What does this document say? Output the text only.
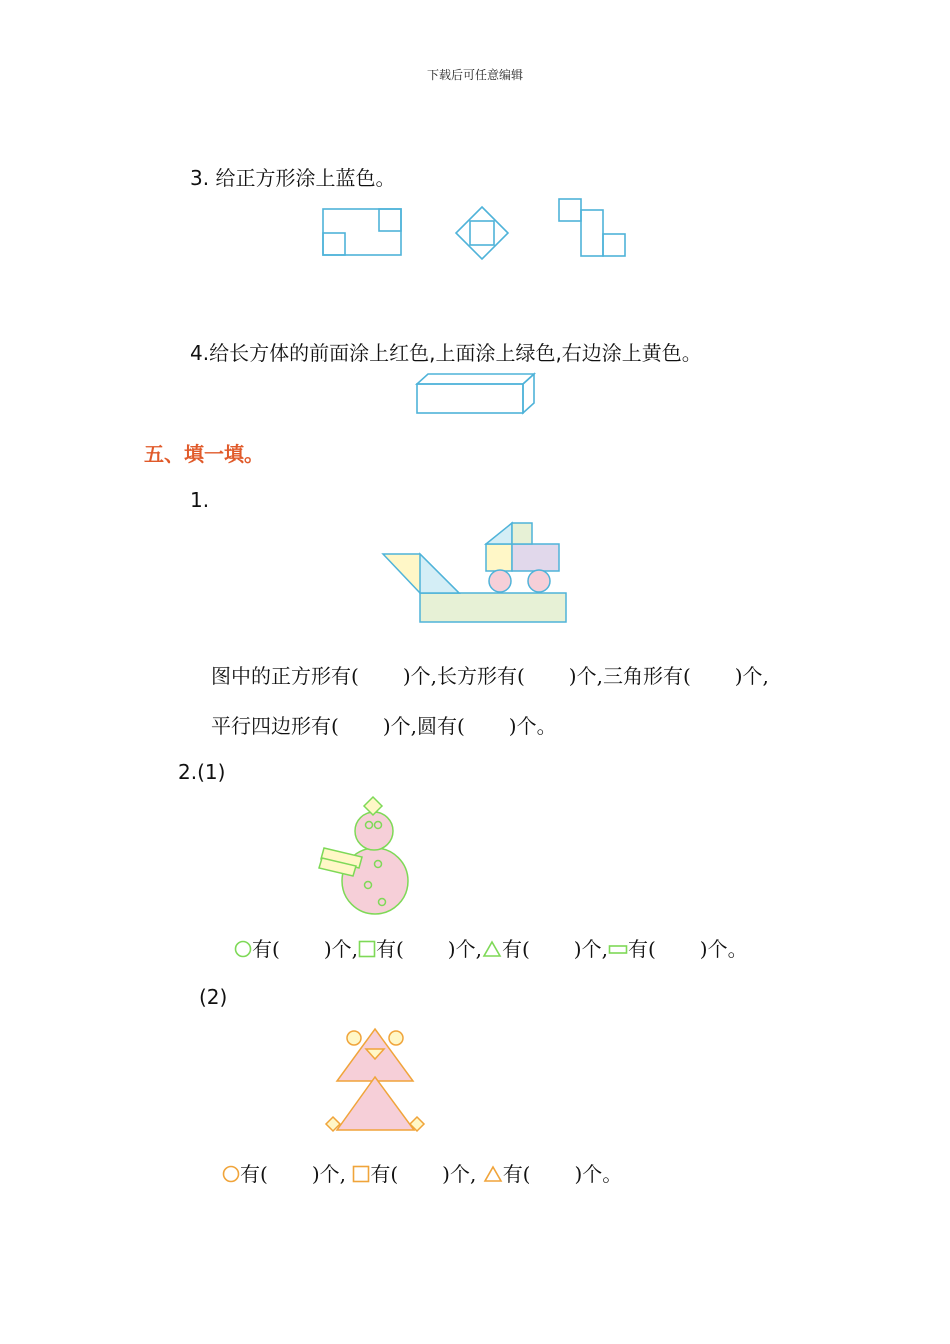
下载后可任意编辑
3. 给正方形涂上蓝色。
4.给长方体的前面涂上红色,上面涂上绿色,右边涂上黄色。
五、填一填。
1.
图中的正方形有( )个,长方形有( )个,三角形有( )个,
平行四边形有( )个,圆有( )个。
2.(1)
有( )个, 有( )个, 有( )个, 有( )个。
(2)
有( )个, 有( )个, 有( )个。
